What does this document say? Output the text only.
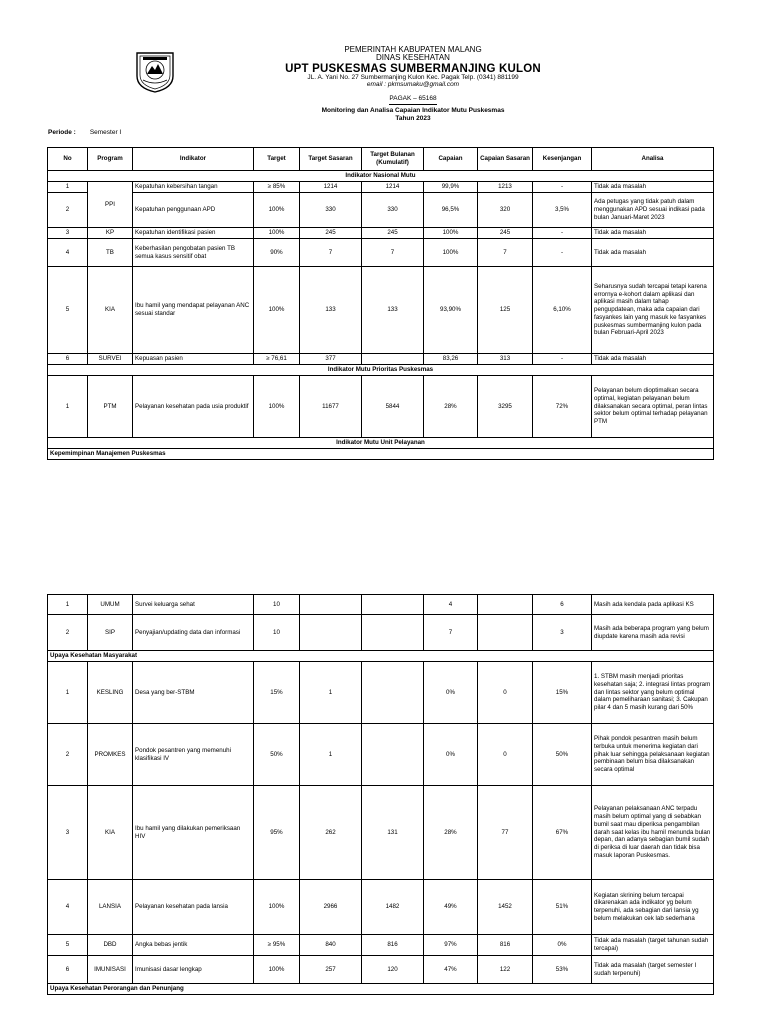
PEMERINTAH KABUPATEN MALANG
DINAS KESEHATAN
UPT PUSKESMAS SUMBERMANJING KULON
JL. A. Yani No. 27 Sumbermanjing Kulon Kec. Pagak Telp. (0341) 881199
email : pkmsumaku@gmail.com
PAGAK – 65168
Monitoring dan Analisa Capaian Indikator Mutu Puskesmas
Tahun 2023
Periode : Semester I
No	Program	Indikator	Target	Target Sasaran	Target Bulanan (Kumulatif)	Capaian	Capaian Sasaran	Kesenjangan	Analisa
Indikator Nasional Mutu									
1	PPI	Kepatuhan kebersihan tangan	≥ 85%	1214	1214	99,9%	1213	-	Tidak ada masalah
2		Kepatuhan penggunaan APD	100%	330	330	96,5%	320	3,5%	Ada petugas yang tidak patuh dalam menggunakan APD sesuai indikasi pada bulan Januari-Maret 2023
3	KP	Kepatuhan identifikasi pasien	100%	245	245	100%	245	-	Tidak ada masalah
4	TB	Keberhasilan pengobatan pasien TB semua kasus sensitif obat	90%	7	7	100%	7	-	Tidak ada masalah
5	KIA	Ibu hamil yang mendapat pelayanan ANC sesuai standar	100%	133	133	93,90%	125	6,10%	Seharusnya sudah tercapai tetapi karena errornya e-kohort dalam aplikasi dan aplikasi masih dalam tahap pengupdatean, maka ada capaian dari fasyankes lain yang masuk ke fasyankes puskesmas sumbermanjing kulon pada bulan Februari-April 2023
6	SURVEI	Kepuasan pasien	≥ 76,61	377		83,26	313	-	Tidak ada masalah
Indikator Mutu Prioritas Puskesmas									
1	PTM	Pelayanan kesehatan pada usia produktif	100%	11677	5844	28%	3295	72%	Pelayanan belum dioptimalkan secara optimal, kegiatan pelayanan belum dilaksanakan secara optimal, peran lintas sektor belum optimal terhadap pelayanan PTM
Indikator Mutu Unit Pelayanan									
Kepemimpinan Manajemen Puskesmas									
1	UMUM	Survei keluarga sehat	10			4		6	Masih ada kendala pada aplikasi KS
2	SIP	Penyajian/updating data dan informasi	10			7		3	Masih ada beberapa program yang belum diupdate karena masih ada revisi
Upaya Kesehatan Masyarakat									
1	KESLING	Desa yang ber-STBM	15%	1		0%	0	15%	1. STBM masih menjadi prioritas kesehatan saja; 2. integrasi lintas program dan lintas sektor yang belum optimal dalam pemeliharaan sanitasi; 3. Cakupan pilar 4 dan 5 masih kurang dari 50%
2	PROMKES	Pondok pesantren yang memenuhi klasifikasi IV	50%	1		0%	0	50%	Pihak pondok pesantren masih belum terbuka untuk menerima kegiatan dari pihak luar sehingga pelaksanaan kegiatan pembinaan belum bisa dilaksanakan secara optimal
3	KIA	Ibu hamil yang dilakukan pemeriksaan HIV	95%	262	131	28%	77	67%	Pelayanan pelaksanaan ANC terpadu masih belum optimal yang di sebabkan bumil saat mau diperiksa pengambilan darah saat kelas ibu hamil menunda bulan depan, dan adanya sebagian bumil sudah di periksa di luar daerah dan tidak bisa masuk laporan Puskesmas.
4	LANSIA	Pelayanan kesehatan pada lansia	100%	2966	1482	49%	1452	51%	Kegiatan skrining belum tercapai dikarenakan ada indikator yg belum terpenuhi, ada sebagian dari lansia yg belum melakukan cek lab sederhana
5	DBD	Angka bebas jentik	≥ 95%	840	816	97%	816	0%	Tidak ada masalah (target tahunan sudah tercapai)
6	IMUNISASI	Imunisasi dasar lengkap	100%	257	120	47%	122	53%	Tidak ada masalah (target semester I sudah terpenuhi)
Upaya Kesehatan Perorangan dan Penunjang									
